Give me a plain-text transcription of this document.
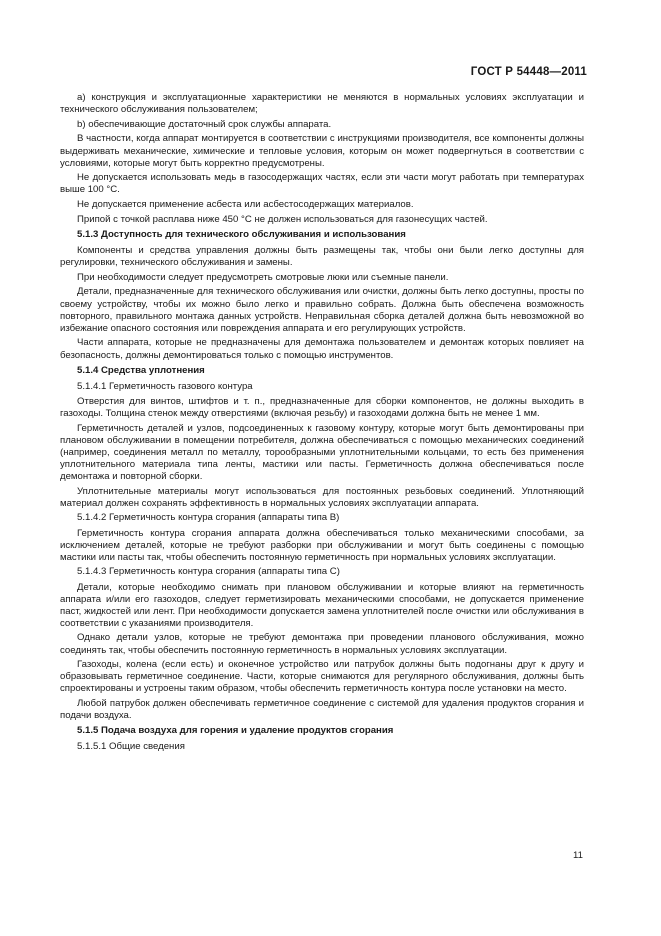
ГОСТ Р 54448—2011

а) конструкция и эксплуатационные характеристики не меняются в нормальных условиях эксплуатации и технического обслуживания пользователем;

b) обеспечивающие достаточный срок службы аппарата.

В частности, когда аппарат монтируется в соответствии с инструкциями производителя, все компоненты должны выдерживать механические, химические и тепловые условия, которым он может подвергнуться в соответствии с условиями, которые могут быть корректно предусмотрены.

Не допускается использовать медь в газосодержащих частях, если эти части могут работать при температурах выше 100 °С.

Не допускается применение асбеста или асбестосодержащих материалов.

Припой с точкой расплава ниже 450 °С не должен использоваться для газонесущих частей.

5.1.3 Доступность для технического обслуживания и использования

Компоненты и средства управления должны быть размещены так, чтобы они были легко доступны для регулировки, технического обслуживания и замены.

При необходимости следует предусмотреть смотровые люки или съемные панели.

Детали, предназначенные для технического обслуживания или очистки, должны быть легко доступны, просты по своему устройству, чтобы их можно было легко и правильно собрать. Должна быть обеспечена возможность повторного, правильного монтажа данных устройств. Неправильная сборка деталей должна быть невозможной во избежание опасного состояния или повреждения аппарата и его регулирующих устройств.

Части аппарата, которые не предназначены для демонтажа пользователем и демонтаж которых повлияет на безопасность, должны демонтироваться только с помощью инструментов.

5.1.4 Средства уплотнения

5.1.4.1 Герметичность газового контура

Отверстия для винтов, штифтов и т. п., предназначенные для сборки компонентов, не должны выходить в газоходы. Толщина стенок между отверстиями (включая резьбу) и газоходами должна быть не менее 1 мм.

Герметичность деталей и узлов, подсоединенных к газовому контуру, которые могут быть демонтированы при плановом обслуживании в помещении потребителя, должна обеспечиваться с помощью механических соединений (например, соединения металл по металлу, торообразными уплотнительными кольцами, то есть без применения уплотнительного материала типа ленты, мастики или пасты. Герметичность должна обеспечиваться после демонтажа и повторной сборки.

Уплотнительные материалы могут использоваться для постоянных резьбовых соединений. Уплотняющий материал должен сохранять эффективность в нормальных условиях эксплуатации аппарата.

5.1.4.2 Герметичность контура сгорания (аппараты типа В)

Герметичность контура сгорания аппарата должна обеспечиваться только механическими способами, за исключением деталей, которые не требуют разборки при обслуживании и могут быть соединены с помощью мастики или пасты так, чтобы обеспечить постоянную герметичность при нормальных условиях эксплуатации.

5.1.4.3 Герметичность контура сгорания (аппараты типа С)

Детали, которые необходимо снимать при плановом обслуживании и которые влияют на герметичность аппарата и/или его газоходов, следует герметизировать механическими способами, не допускается применение паст, жидкостей или лент. При необходимости допускается замена уплотнителей после очистки или обслуживания в соответствии с указаниями производителя.

Однако детали узлов, которые не требуют демонтажа при проведении планового обслуживания, можно соединять так, чтобы обеспечить постоянную герметичность в нормальных условиях эксплуатации.

Газоходы, колена (если есть) и оконечное устройство или патрубок должны быть подогнаны друг к другу и образовывать герметичное соединение. Части, которые снимаются для регулярного обслуживания, должны быть спроектированы и устроены таким образом, чтобы обеспечить герметичность контура после установки на место.

Любой патрубок должен обеспечивать герметичное соединение с системой для удаления продуктов сгорания и подачи воздуха.

5.1.5 Подача воздуха для горения и удаление продуктов сгорания

5.1.5.1 Общие сведения

11
